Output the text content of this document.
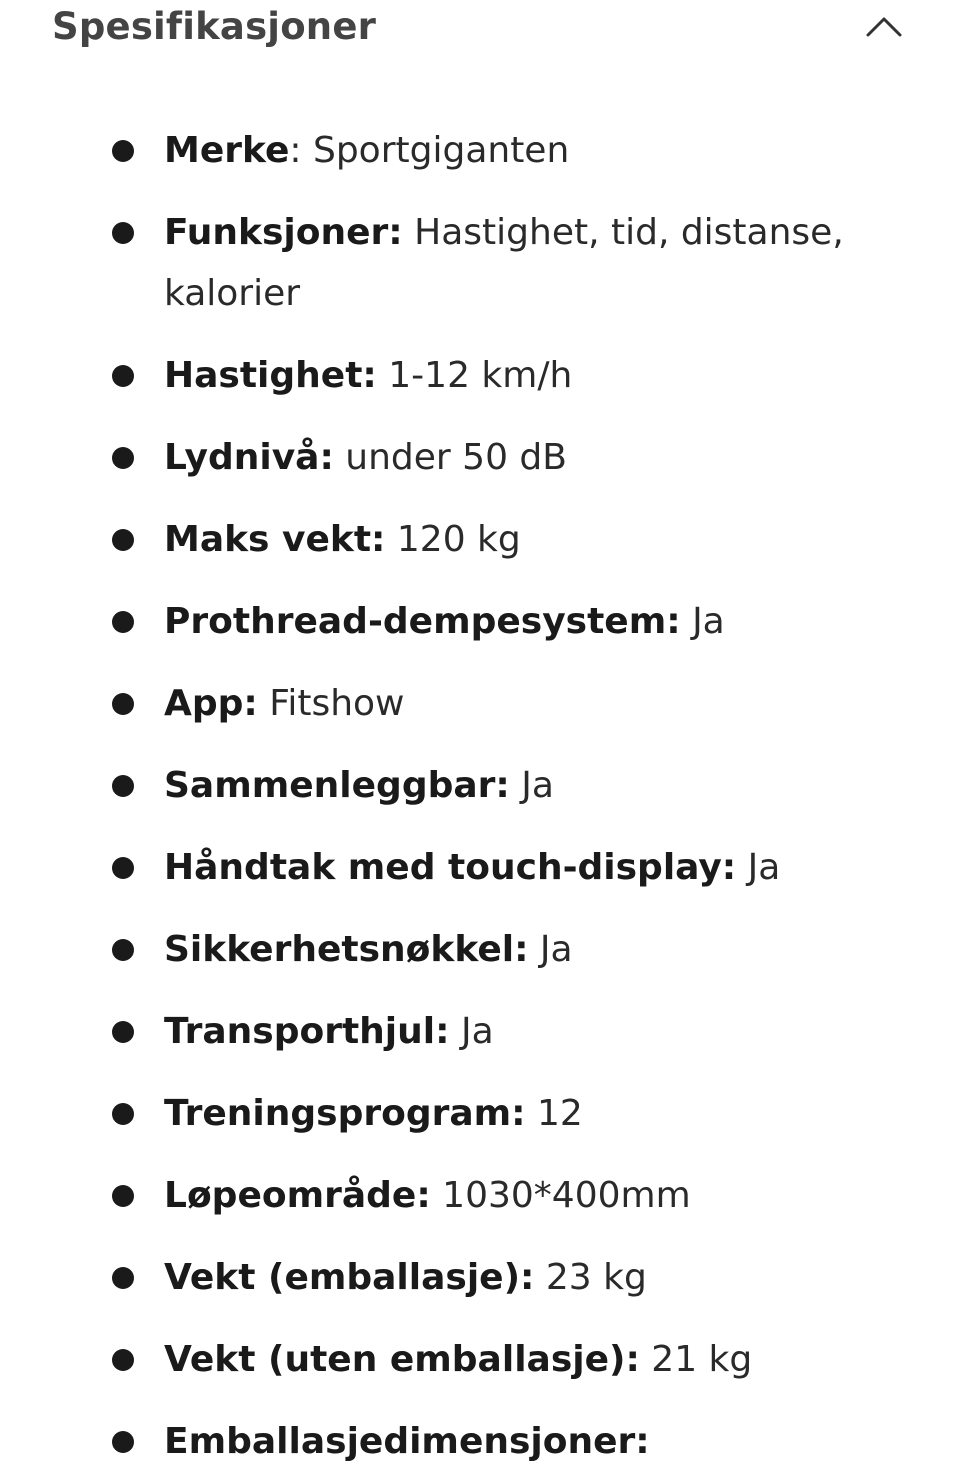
Spesifikasjoner
Merke: Sportgiganten
Funksjoner: Hastighet, tid, distanse, kalorier
Hastighet: 1-12 km/h
Lydnivå: under 50 dB
Maks vekt: 120 kg
Prothread-dempesystem: Ja
App: Fitshow
Sammenleggbar: Ja
Håndtak med touch-display: Ja
Sikkerhetsnøkkel: Ja
Transporthjul: Ja
Treningsprogram: 12
Løpeområde: 1030*400mm
Vekt (emballasje): 23 kg
Vekt (uten emballasje): 21 kg
Emballasjedimensjoner:
